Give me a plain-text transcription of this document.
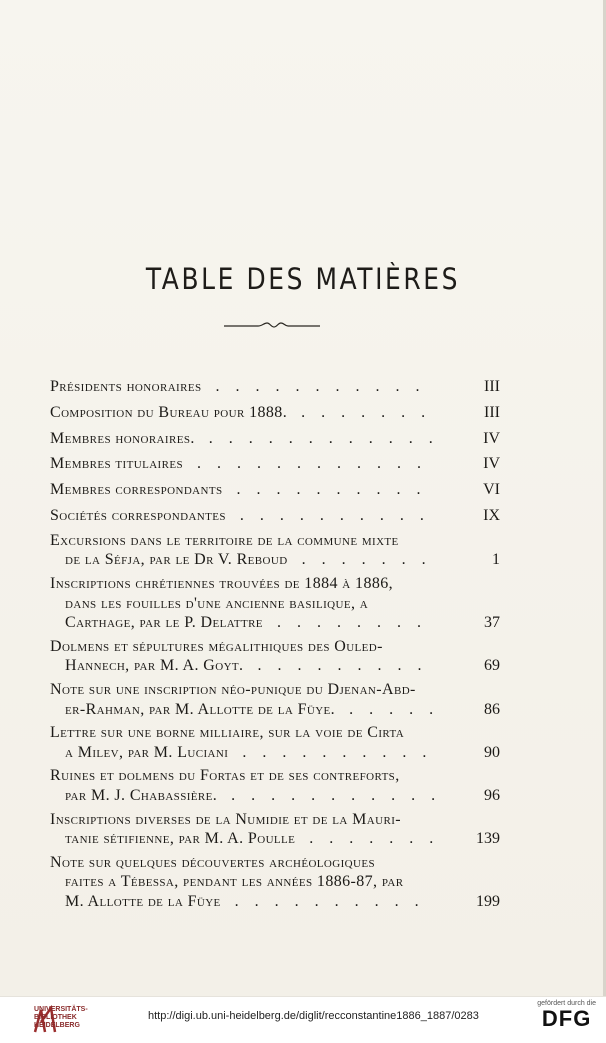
TABLE DES MATIÈRES
Présidents honoraires . . . . . . . . . . .	III
Composition du Bureau pour 1888. . . . . . . .	III
Membres honoraires. . . . . . . . . . . . .	IV
Membres titulaires . . . . . . . . . . . .	IV
Membres correspondants . . . . . . . . . .	VI
Sociétés correspondantes . . . . . . . . . .	IX
Excursions dans le territoire de la commune mixte
de la Séfja, par le Dr V. Reboud . . . . . . .	1
Inscriptions chrétiennes trouvées de 1884 à 1886,
dans les fouilles d'une ancienne basilique, a
Carthage, par le P. Delattre . . . . . . . .	37
Dolmens et sépultures mégalithiques des Ouled-
Hannech, par M. A. Goyt. . . . . . . . . .	69
Note sur une inscription néo-punique du Djenan-Abd-
er-Rahman, par M. Allotte de la Füye. . . . . .	86
Lettre sur une borne milliaire, sur la voie de Cirta
a Milev, par M. Luciani . . . . . . . . . .	90
Ruines et dolmens du Fortas et de ses contreforts,
par M. J. Chabassière. . . . . . . . . . . .	96
Inscriptions diverses de la Numidie et de la Mauri-
tanie sétifienne, par M. A. Poulle . . . . . . .	139
Note sur quelques découvertes archéologiques
faites a Tébessa, pendant les années 1886-87, par
M. Allotte de la Füye . . . . . . . . . .	199
UNIVERSITÄTS-
BIBLIOTHEK
HEIDELBERG
http://digi.ub.uni-heidelberg.de/diglit/recconstantine1886_1887/0283
gefördert durch die
DFG
